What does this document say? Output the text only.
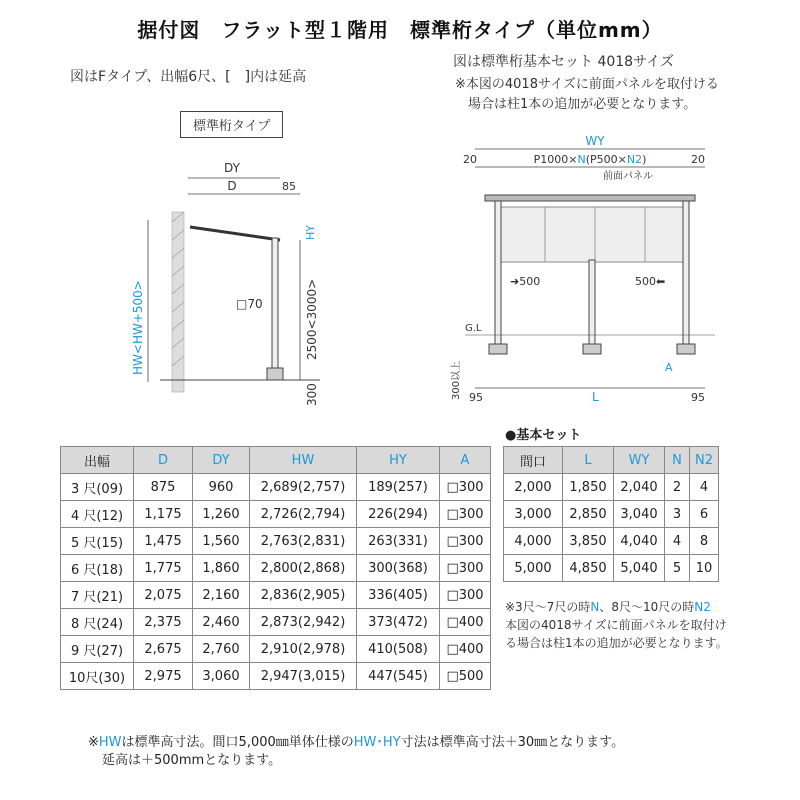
据付図　フラット型１階用　標準桁タイプ（単位mm）
図はFタイプ、出幅6尺、[　]内は延高
標準桁タイプ
図は標準桁基本セット 4018サイズ
※本図の4018サイズに前面パネルを取付ける
場合は柱1本の追加が必要となります。
DY
D	85
HY
HW<HW+500>	2500<3000>
300
□70
WY
20	20
P1000×N(P500×N2)
前面パネル
➜500	500⬅
G.L
300以上 95	95
L
A
出幅	D	DY	HW	HY	A
3 尺(09)	875	960	2,689(2,757)	189(257)	□300
4 尺(12)	1,175	1,260	2,726(2,794)	226(294)	□300
5 尺(15)	1,475	1,560	2,763(2,831)	263(331)	□300
6 尺(18)	1,775	1,860	2,800(2,868)	300(368)	□300
7 尺(21)	2,075	2,160	2,836(2,905)	336(405)	□300
8 尺(24)	2,375	2,460	2,873(2,942)	373(472)	□400
9 尺(27)	2,675	2,760	2,910(2,978)	410(508)	□400
10尺(30)	2,975	3,060	2,947(3,015)	447(545)	□500
●基本セット
間口	L	WY	N	N2
2,000	1,850	2,040	2	4
3,000	2,850	3,040	3	6
4,000	3,850	4,040	4	8
5,000	4,850	5,040	5	10
※3尺〜7尺の時N、8尺〜10尺の時N2
本図の4018サイズに前面パネルを取付け
る場合は柱1本の追加が必要となります。
※HWは標準高寸法。間口5,000㎜単体仕様のHW･HY寸法は標準高寸法＋30㎜となります。
延高は＋500mmとなります。
